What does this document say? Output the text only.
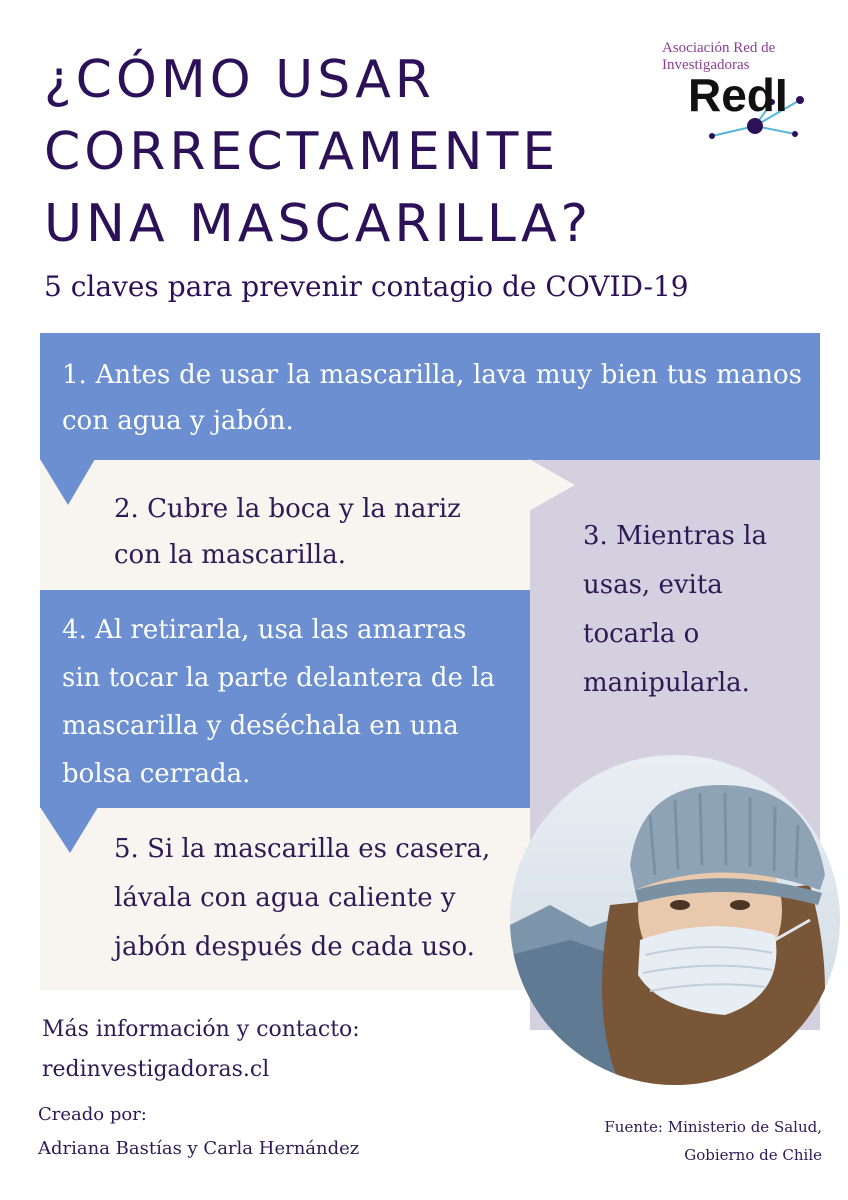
¿CÓMO USAR
CORRECTAMENTE
UNA MASCARILLA?
5 claves para prevenir contagio de COVID-19
Asociación Red de Investigadoras
RedI
1. Antes de usar la mascarilla, lava muy bien tus manos con agua y jabón.
2. Cubre la boca y la nariz con la mascarilla.
3. Mientras la usas, evita tocarla o manipularla.
4. Al retirarla, usa las amarras sin tocar la parte delantera de la mascarilla y deséchala en una bolsa cerrada.
5. Si la mascarilla es casera, lávala con agua caliente y jabón después de cada uso.
Más información y contacto:
redinvestigadoras.cl
Creado por:
Adriana Bastías y Carla Hernández
Fuente: Ministerio de Salud,
Gobierno de Chile
